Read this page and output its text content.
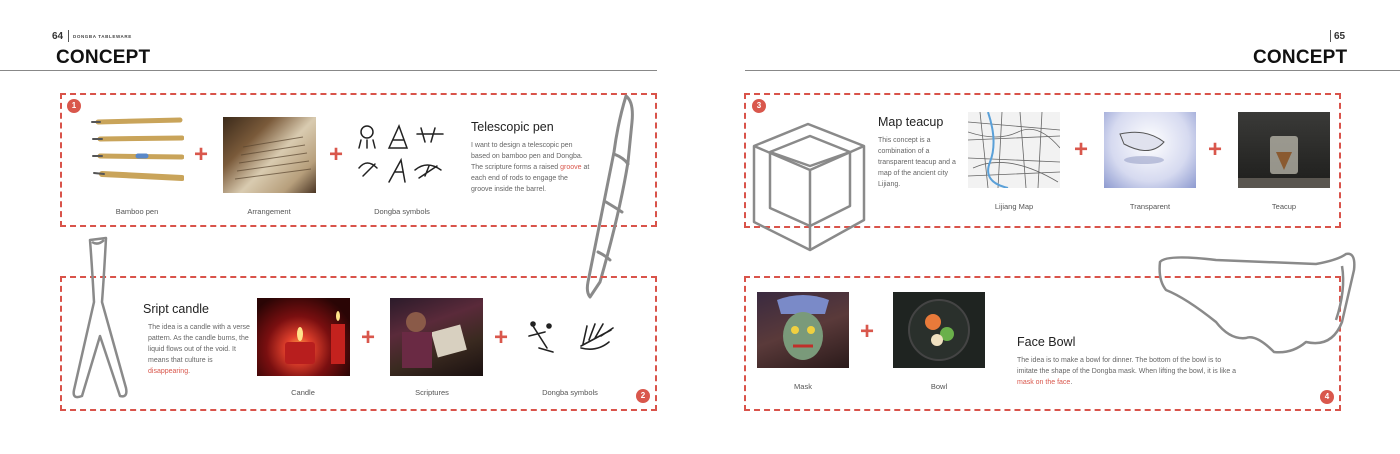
64 DONGBA TABLEWARE
CONCEPT
65
CONCEPT
1
Bamboo pen
+
Arrangement
+
Dongba symbols
Telescopic pen
I want to design a telescopic pen based on bamboo pen and Dongba. The scripture forms a raised groove at each end of rods to engage the groove inside the barrel.
2
Sript candle
The idea is a candle with a verse pattern. As the candle burns, the liquid flows out of the void. It means that culture is disappearing.
Candle
+
Scriptures
+
Dongba symbols
3
Map teacup
This concept is a combination of a transparent teacup and a map of the ancient city Lijiang.
Lijiang Map
+
Transparent
+
Teacup
4
Mask
+
Bowl
Face Bowl
The idea is to make a bowl for dinner. The bottom of the bowl is to imitate the shape of the Dongba mask. When lifting the bowl, it is like a mask on the face.
